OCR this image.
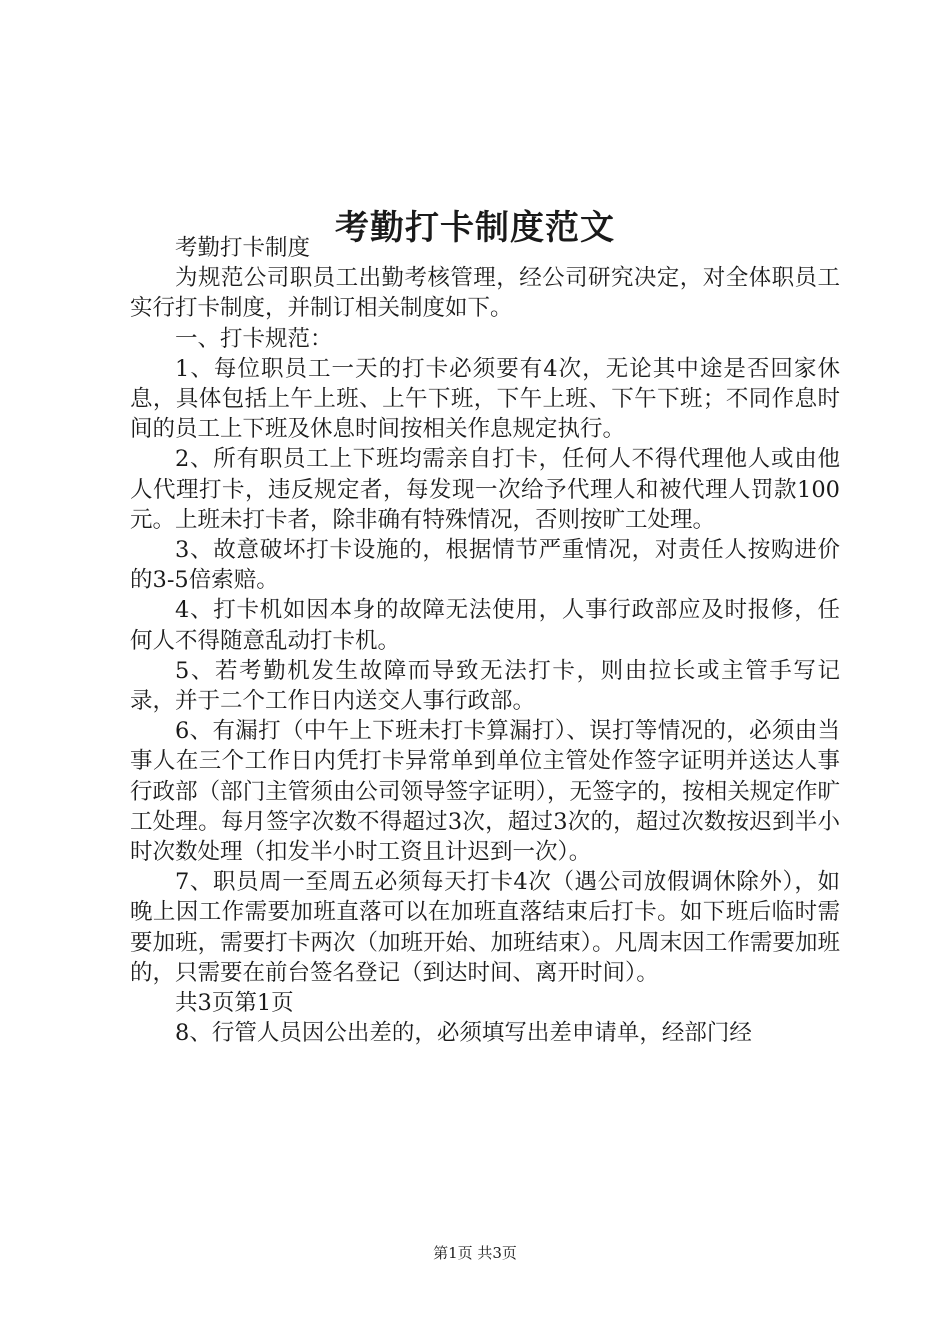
考勤打卡制度范文

考勤打卡制度

为规范公司职员工出勤考核管理，经公司研究决定，对全体职员工实行打卡制度，并制订相关制度如下。

一、打卡规范：

1、每位职员工一天的打卡必须要有4次，无论其中途是否回家休息，具体包括上午上班、上午下班，下午上班、下午下班；不同作息时间的员工上下班及休息时间按相关作息规定执行。

2、所有职员工上下班均需亲自打卡，任何人不得代理他人或由他人代理打卡，违反规定者，每发现一次给予代理人和被代理人罚款100元。上班未打卡者，除非确有特殊情况，否则按旷工处理。

3、故意破坏打卡设施的，根据情节严重情况，对责任人按购进价的3-5倍索赔。

4、打卡机如因本身的故障无法使用，人事行政部应及时报修，任何人不得随意乱动打卡机。

5、若考勤机发生故障而导致无法打卡，则由拉长或主管手写记录，并于二个工作日内送交人事行政部。

6、有漏打（中午上下班未打卡算漏打）、误打等情况的，必须由当事人在三个工作日内凭打卡异常单到单位主管处作签字证明并送达人事行政部（部门主管须由公司领导签字证明），无签字的，按相关规定作旷工处理。每月签字次数不得超过3次，超过3次的，超过次数按迟到半小时次数处理（扣发半小时工资且计迟到一次）。

7、职员周一至周五必须每天打卡4次（遇公司放假调休除外），如晚上因工作需要加班直落可以在加班直落结束后打卡。如下班后临时需要加班，需要打卡两次（加班开始、加班结束）。凡周末因工作需要加班的，只需要在前台签名登记（到达时间、离开时间）。

共3页第1页

8、行管人员因公出差的，必须填写出差申请单，经部门经

第1页 共3页
